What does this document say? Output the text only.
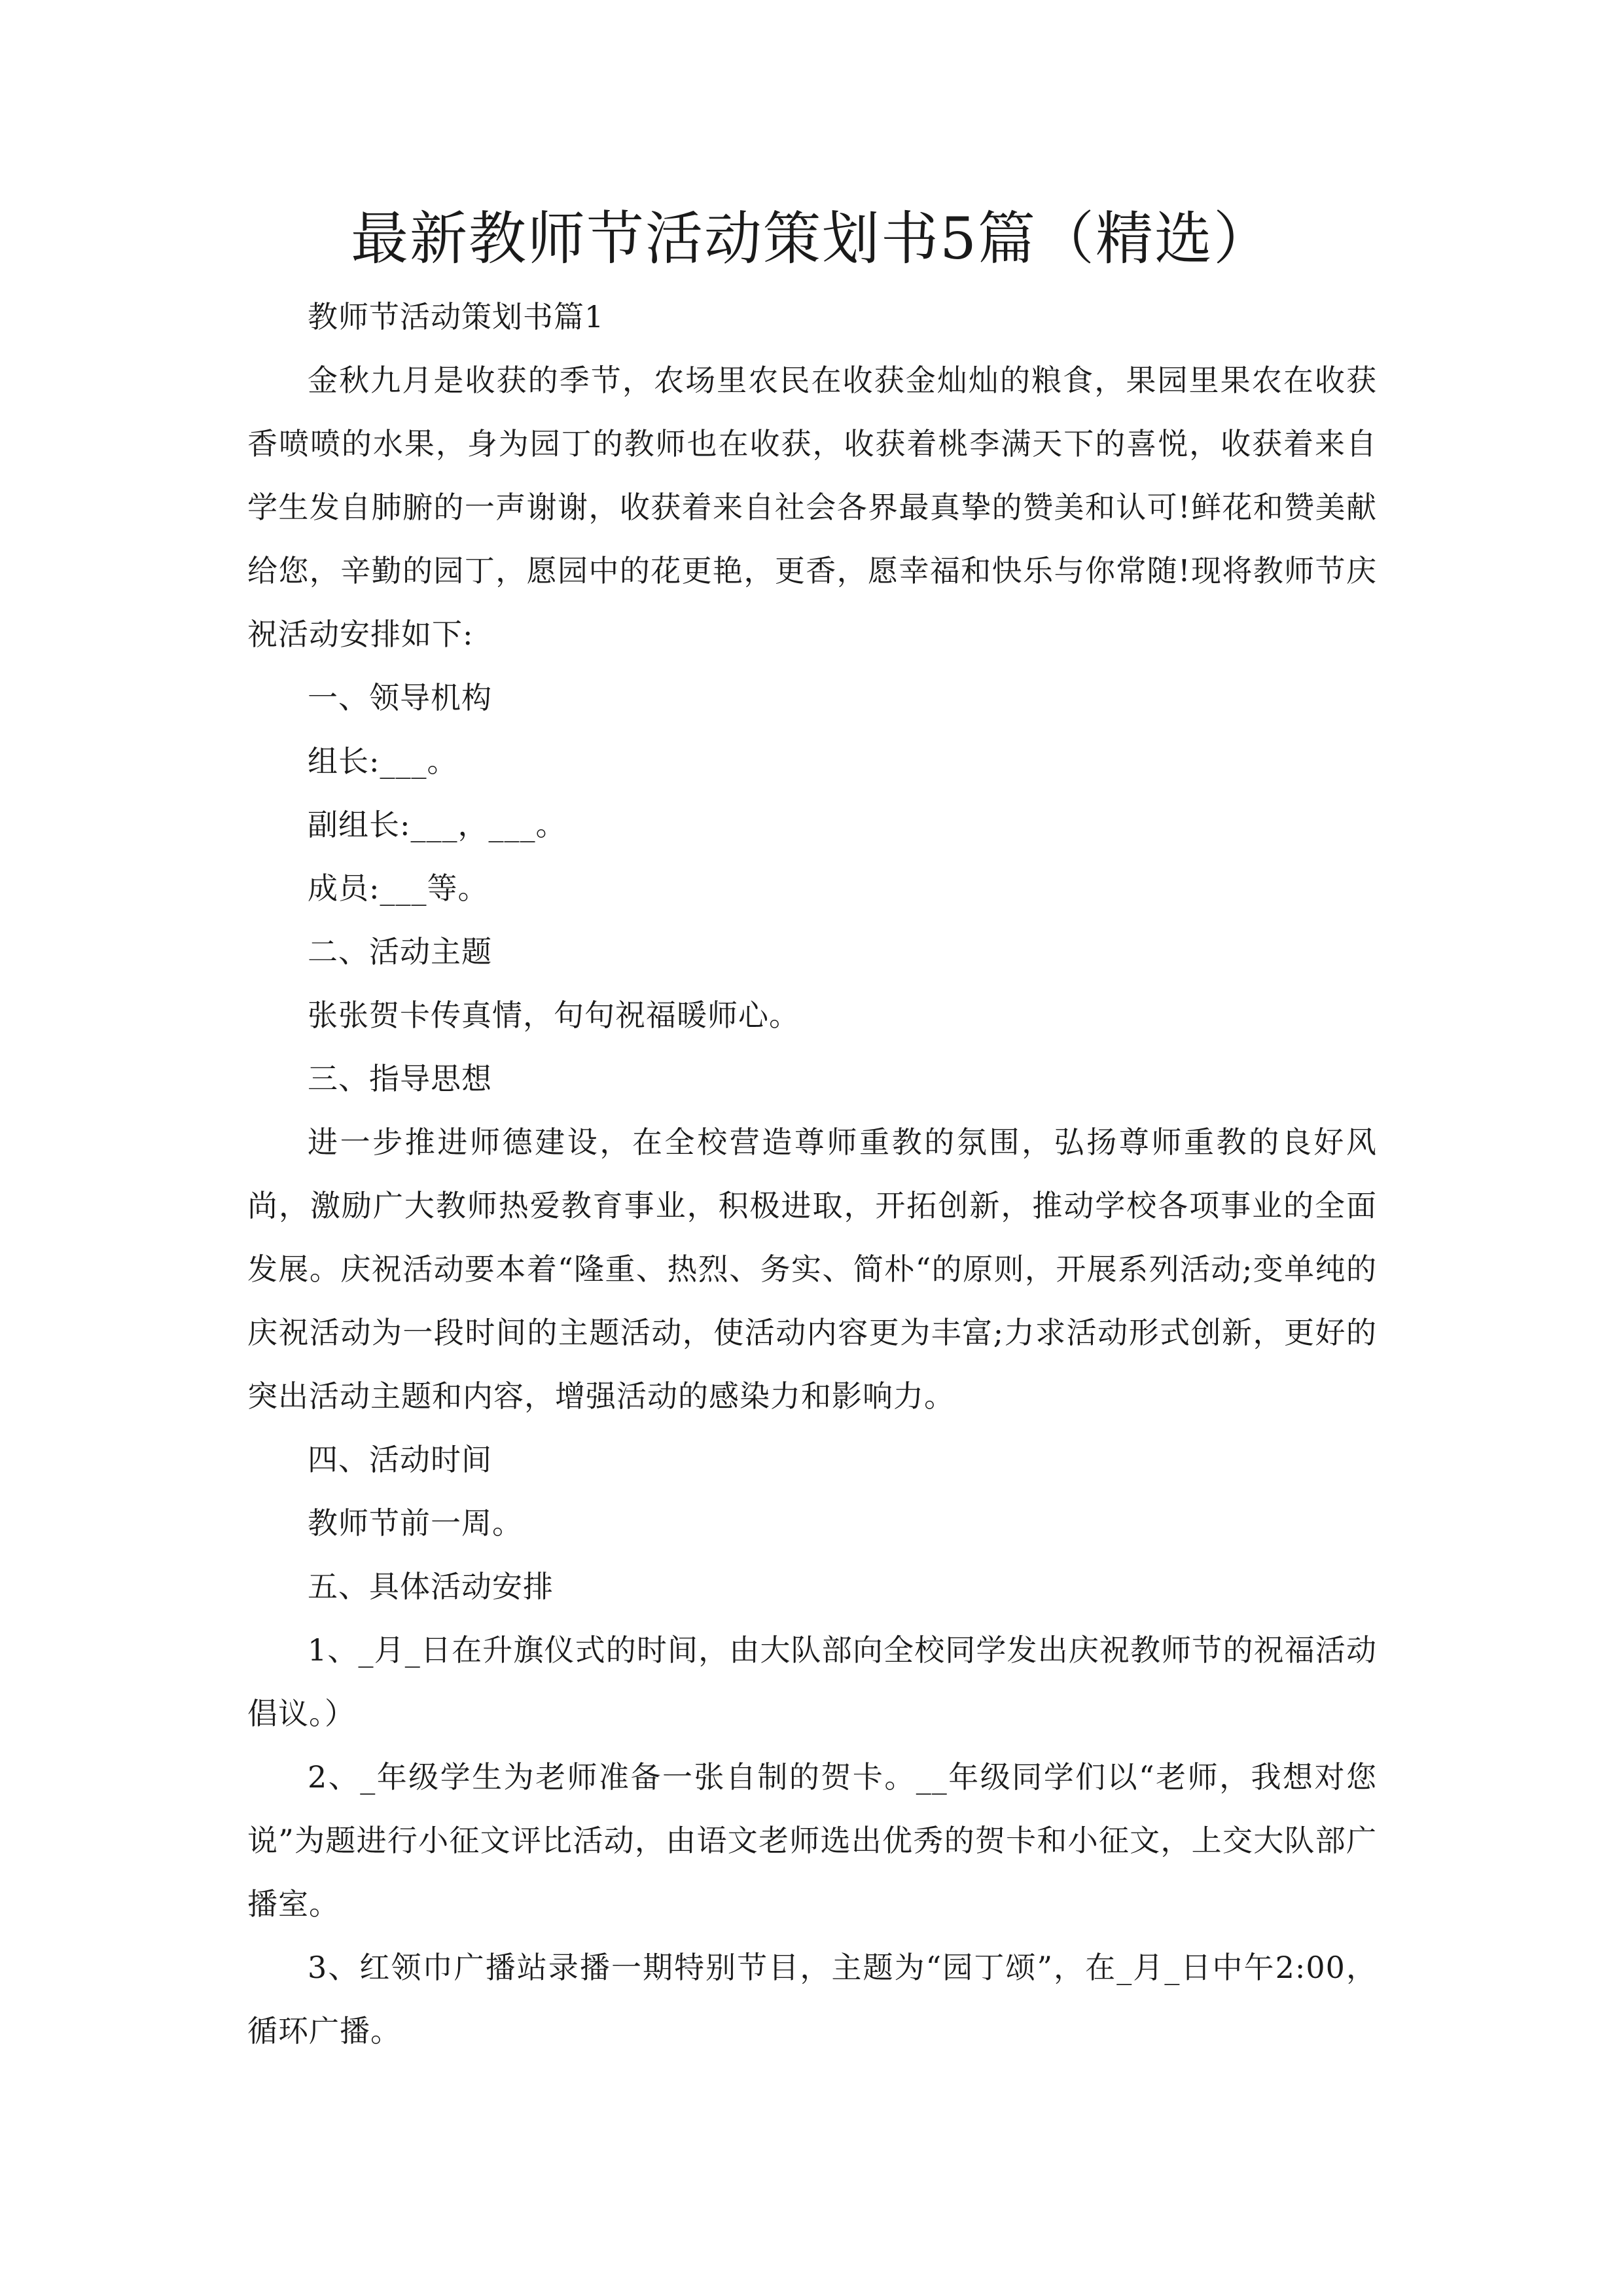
最新教师节活动策划书5篇（精选）

教师节活动策划书篇1

金秋九月是收获的季节，农场里农民在收获金灿灿的粮食，果园里果农在收获香喷喷的水果，身为园丁的教师也在收获，收获着桃李满天下的喜悦，收获着来自学生发自肺腑的一声谢谢，收获着来自社会各界最真挚的赞美和认可!鲜花和赞美献给您，辛勤的园丁，愿园中的花更艳，更香，愿幸福和快乐与你常随!现将教师节庆祝活动安排如下:

一、领导机构

组长:___。

副组长:___，___。

成员:___等。

二、活动主题

张张贺卡传真情，句句祝福暖师心。

三、指导思想

进一步推进师德建设，在全校营造尊师重教的氛围，弘扬尊师重教的良好风尚，激励广大教师热爱教育事业，积极进取，开拓创新，推动学校各项事业的全面发展。庆祝活动要本着“隆重、热烈、务实、简朴“的原则，开展系列活动;变单纯的庆祝活动为一段时间的主题活动，使活动内容更为丰富;力求活动形式创新，更好的突出活动主题和内容，增强活动的感染力和影响力。

四、活动时间

教师节前一周。

五、具体活动安排

1、_月_日在升旗仪式的时间，由大队部向全校同学发出庆祝教师节的祝福活动倡议。）

2、_年级学生为老师准备一张自制的贺卡。__年级同学们以“老师，我想对您说”为题进行小征文评比活动，由语文老师选出优秀的贺卡和小征文，上交大队部广播室。

3、红领巾广播站录播一期特别节目，主题为“园丁颂”，在_月_日中午2:00，循环广播。
